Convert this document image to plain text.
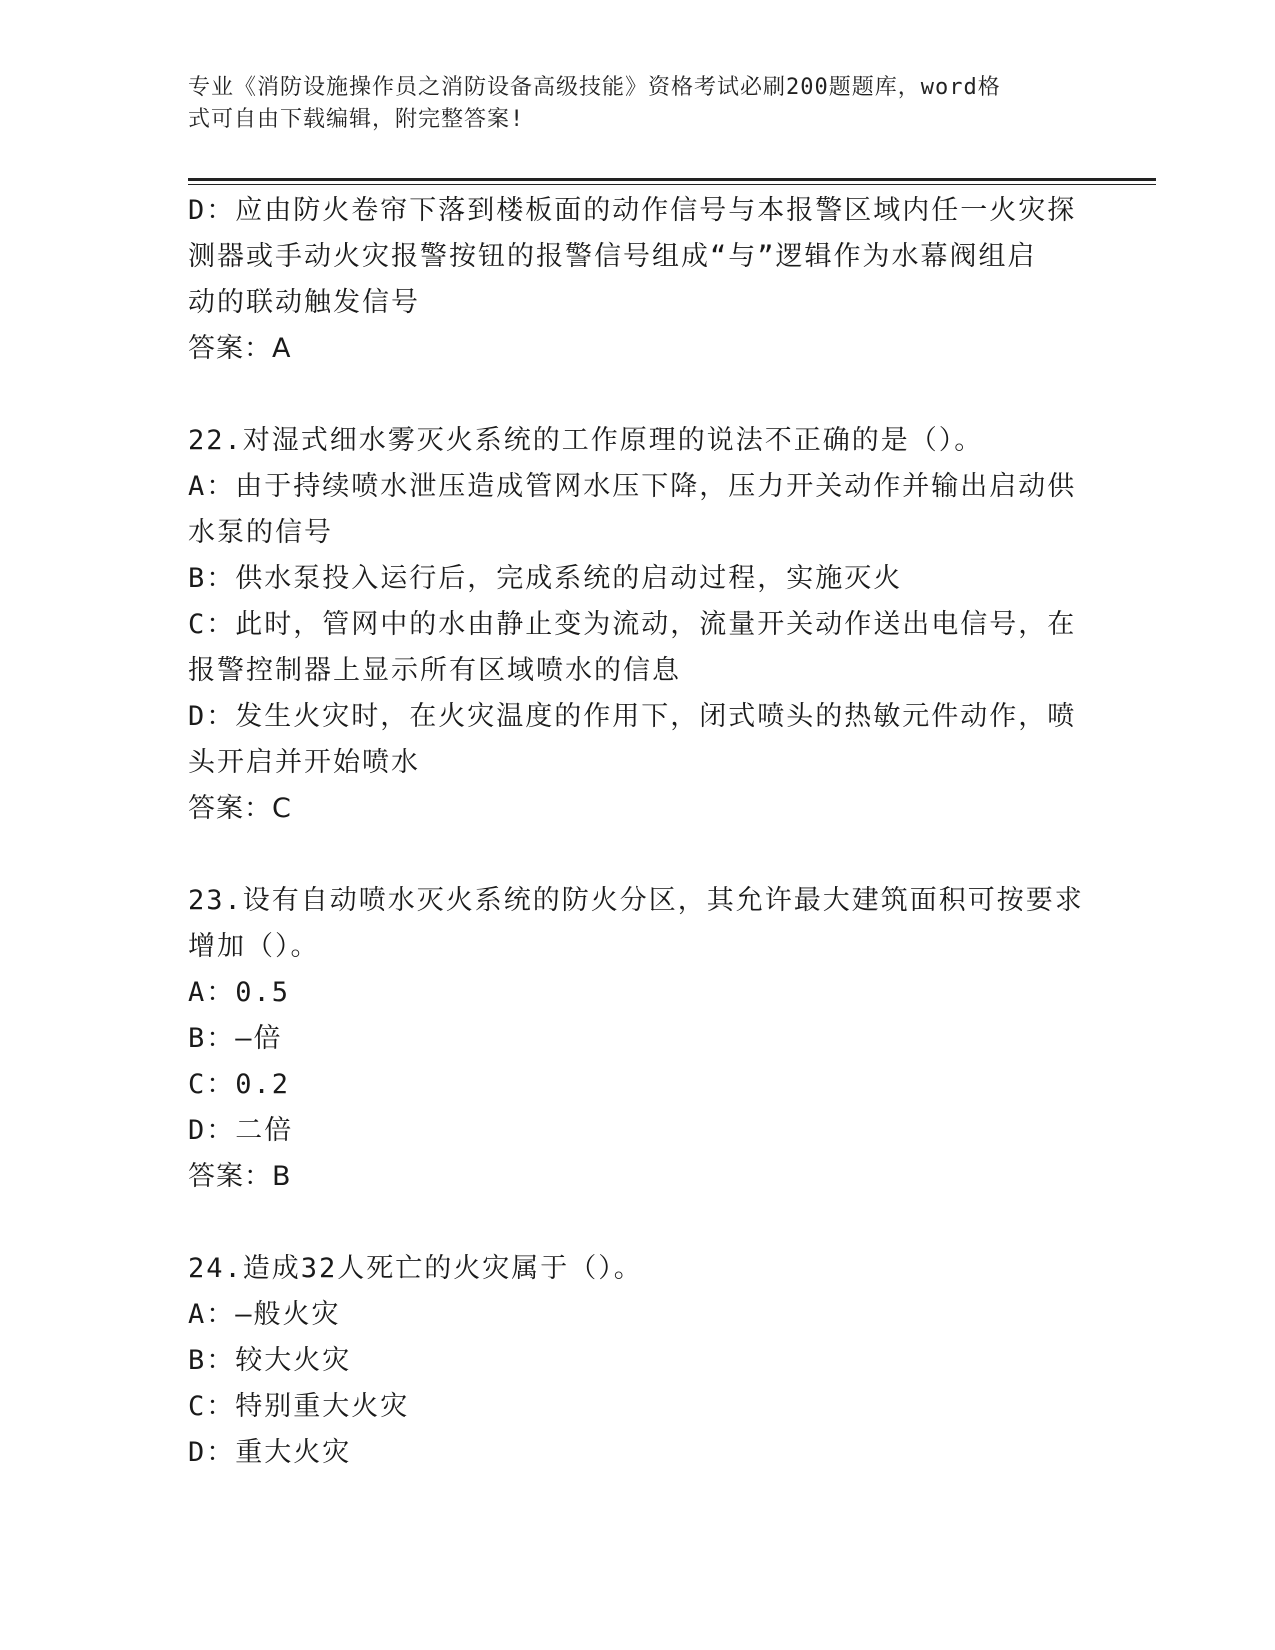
专业《消防设施操作员之消防设备高级技能》资格考试必刷200题题库，word格
式可自由下载编辑，附完整答案!
D：应由防火卷帘下落到楼板面的动作信号与本报警区域内任一火灾探
测器或手动火灾报警按钮的报警信号组成“与”逻辑作为水幕阀组启
动的联动触发信号
答案：A
22.对湿式细水雾灭火系统的工作原理的说法不正确的是（）。
A：由于持续喷水泄压造成管网水压下降，压力开关动作并输出启动供
水泵的信号
B：供水泵投入运行后，完成系统的启动过程，实施灭火
C：此时，管网中的水由静止变为流动，流量开关动作送出电信号，在
报警控制器上显示所有区域喷水的信息
D：发生火灾时，在火灾温度的作用下，闭式喷头的热敏元件动作，喷
头开启并开始喷水
答案：C
23.设有自动喷水灭火系统的防火分区，其允许最大建筑面积可按要求
增加（）。
A：0.5
B：—倍
C：0.2
D：二倍
答案：B
24.造成32人死亡的火灾属于（）。
A：—般火灾
B：较大火灾
C：特别重大火灾
D：重大火灾
